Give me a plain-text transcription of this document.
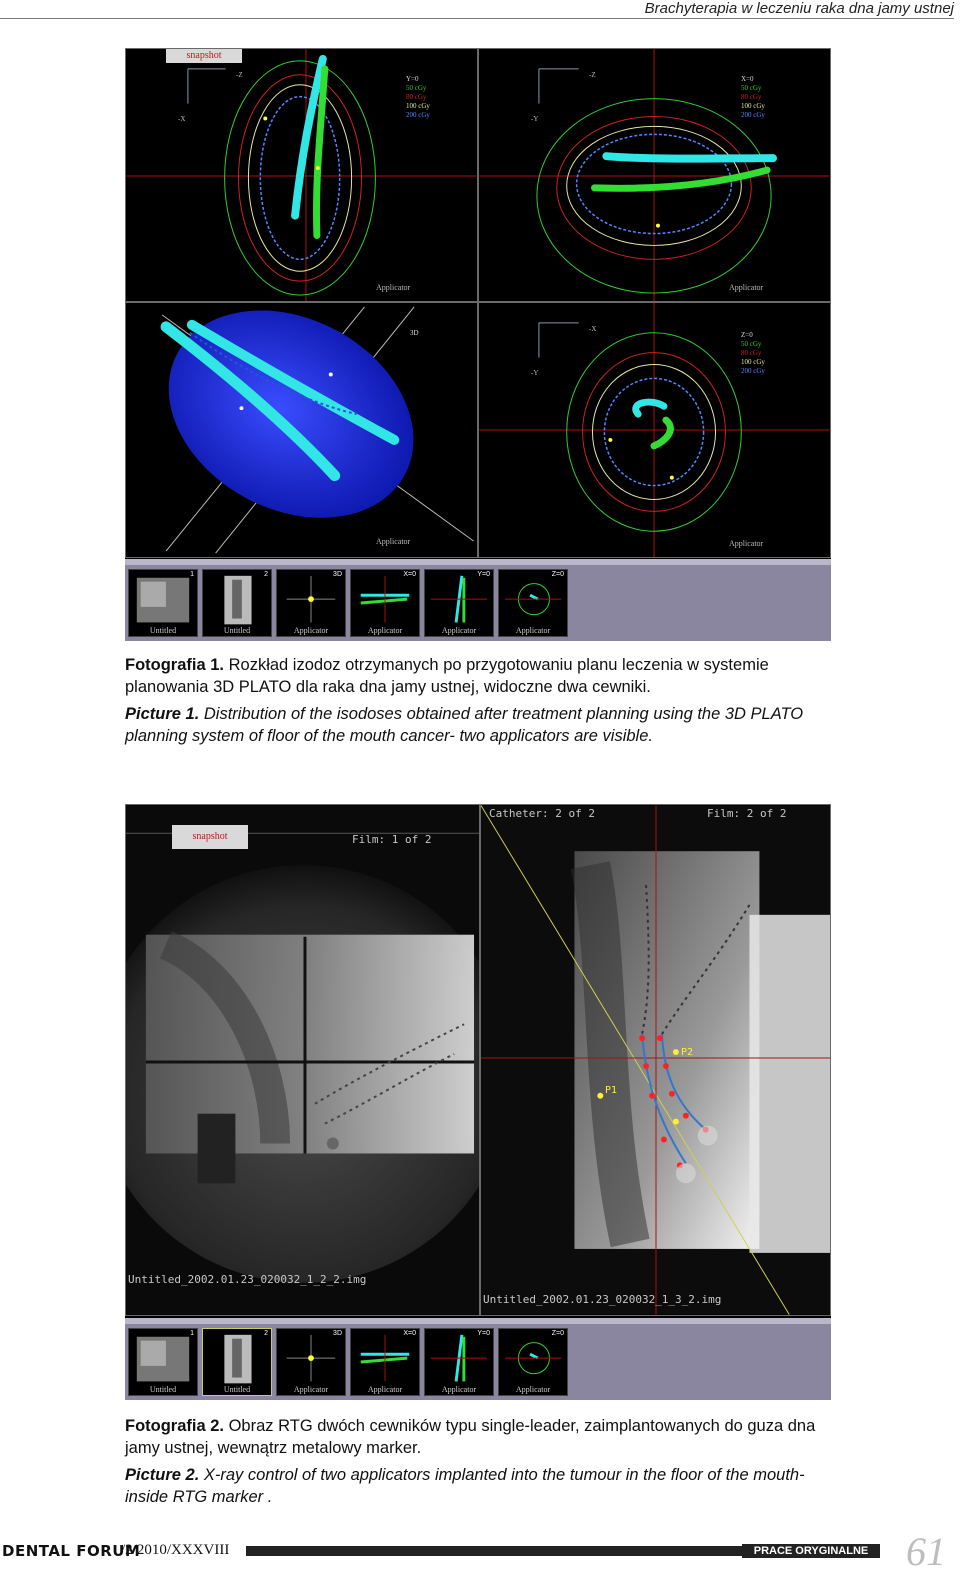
Brachyterapia w leczeniu raka dna jamy ustnej
snapshot
-Z
-X
Y=0
50 cGy
80 cGy
100 cGy
200 cGy
Applicator
-Z
-Y
X=0
50 cGy
80 cGy
100 cGy
200 cGy
Applicator
3D
Applicator
-X
-Y
Z=0
50 cGy
80 cGy
100 cGy
200 cGy
Applicator
1
Untitled
2
Untitled
3D
Applicator
X=0
Applicator
Y=0
Applicator
Z=0
Applicator
Fotografia 1. Rozkład izodoz otrzymanych po przygotowaniu planu leczenia w systemie planowania 3D PLATO dla raka dna jamy ustnej, widoczne dwa cewniki.
Picture 1. Distribution of the isodoses obtained after treatment planning using the 3D PLATO planning system of floor of the mouth cancer- two applicators are visible.
snapshot	Film: 1 of 2
Untitled_2002.01.23_020032_1_2_2.img
Catheter: 2 of 2	Film: 2 of 2
P1
P2
Untitled_2002.01.23_020032_1_3_2.img
1
Untitled
2
Untitled
3D
Applicator
X=0
Applicator
Y=0
Applicator
Z=0
Applicator
Fotografia 2. Obraz RTG dwóch cewników typu single-leader, zaimplantowanych do guza dna jamy ustnej, wewnątrz metalowy marker.
Picture 2. X-ray control of two applicators implanted into the tumour in the floor of the mouth- inside RTG marker .
DENTAL FORUM
/2/2010/XXXVIII	PRACE ORYGINALNE 61
